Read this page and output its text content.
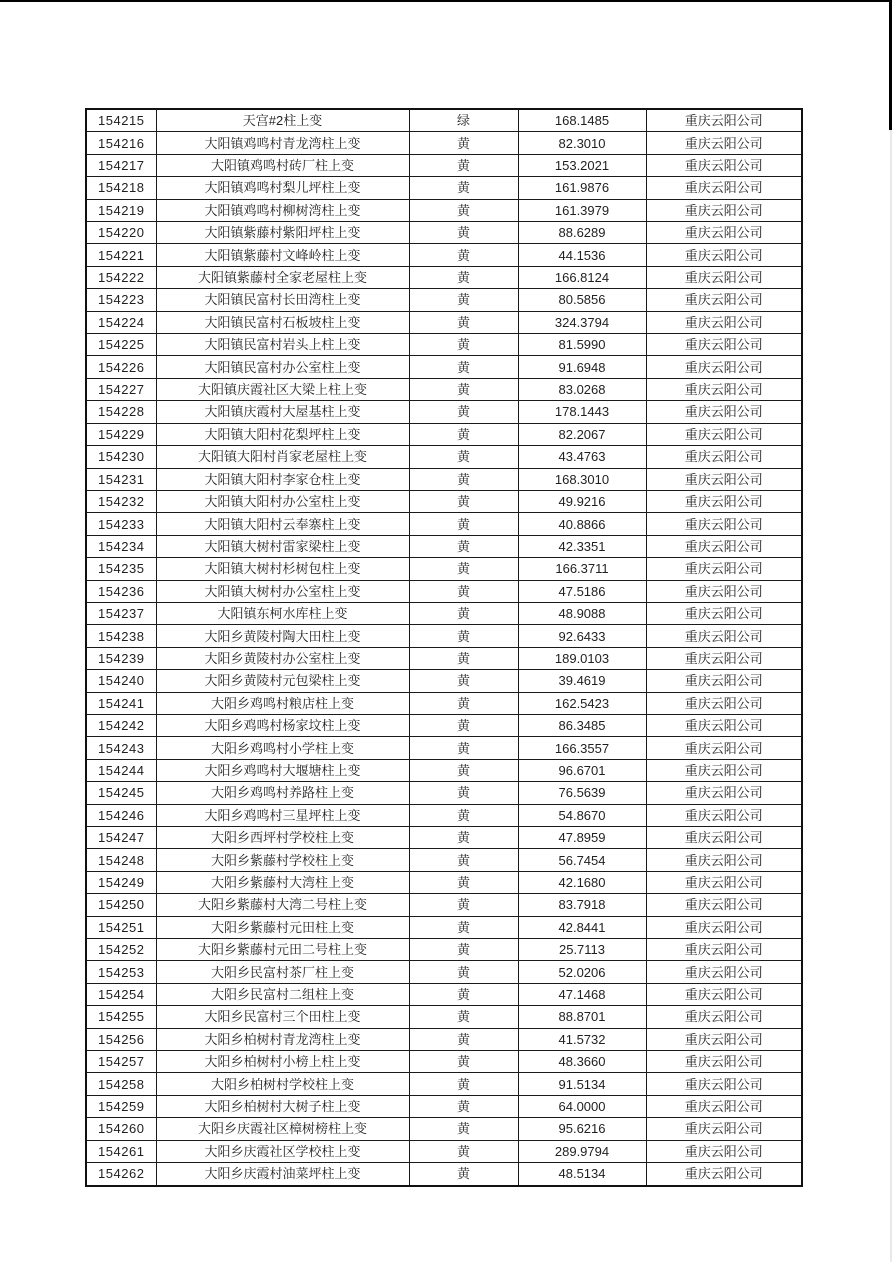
154215	天宫#2柱上变	绿	168.1485	重庆云阳公司
154216	大阳镇鸡鸣村青龙湾柱上变	黄	82.3010	重庆云阳公司
154217	大阳镇鸡鸣村砖厂柱上变	黄	153.2021	重庆云阳公司
154218	大阳镇鸡鸣村梨儿坪柱上变	黄	161.9876	重庆云阳公司
154219	大阳镇鸡鸣村柳树湾柱上变	黄	161.3979	重庆云阳公司
154220	大阳镇紫藤村紫阳坪柱上变	黄	88.6289	重庆云阳公司
154221	大阳镇紫藤村文峰岭柱上变	黄	44.1536	重庆云阳公司
154222	大阳镇紫藤村全家老屋柱上变	黄	166.8124	重庆云阳公司
154223	大阳镇民富村长田湾柱上变	黄	80.5856	重庆云阳公司
154224	大阳镇民富村石板坡柱上变	黄	324.3794	重庆云阳公司
154225	大阳镇民富村岩头上柱上变	黄	81.5990	重庆云阳公司
154226	大阳镇民富村办公室柱上变	黄	91.6948	重庆云阳公司
154227	大阳镇庆霞社区大梁上柱上变	黄	83.0268	重庆云阳公司
154228	大阳镇庆霞村大屋基柱上变	黄	178.1443	重庆云阳公司
154229	大阳镇大阳村花梨坪柱上变	黄	82.2067	重庆云阳公司
154230	大阳镇大阳村肖家老屋柱上变	黄	43.4763	重庆云阳公司
154231	大阳镇大阳村李家仓柱上变	黄	168.3010	重庆云阳公司
154232	大阳镇大阳村办公室柱上变	黄	49.9216	重庆云阳公司
154233	大阳镇大阳村云奉寨柱上变	黄	40.8866	重庆云阳公司
154234	大阳镇大树村雷家梁柱上变	黄	42.3351	重庆云阳公司
154235	大阳镇大树村杉树包柱上变	黄	166.3711	重庆云阳公司
154236	大阳镇大树村办公室柱上变	黄	47.5186	重庆云阳公司
154237	大阳镇东柯水库柱上变	黄	48.9088	重庆云阳公司
154238	大阳乡黄陵村陶大田柱上变	黄	92.6433	重庆云阳公司
154239	大阳乡黄陵村办公室柱上变	黄	189.0103	重庆云阳公司
154240	大阳乡黄陵村元包梁柱上变	黄	39.4619	重庆云阳公司
154241	大阳乡鸡鸣村粮店柱上变	黄	162.5423	重庆云阳公司
154242	大阳乡鸡鸣村杨家坟柱上变	黄	86.3485	重庆云阳公司
154243	大阳乡鸡鸣村小学柱上变	黄	166.3557	重庆云阳公司
154244	大阳乡鸡鸣村大堰塘柱上变	黄	96.6701	重庆云阳公司
154245	大阳乡鸡鸣村养路柱上变	黄	76.5639	重庆云阳公司
154246	大阳乡鸡鸣村三星坪柱上变	黄	54.8670	重庆云阳公司
154247	大阳乡西坪村学校柱上变	黄	47.8959	重庆云阳公司
154248	大阳乡紫藤村学校柱上变	黄	56.7454	重庆云阳公司
154249	大阳乡紫藤村大湾柱上变	黄	42.1680	重庆云阳公司
154250	大阳乡紫藤村大湾二号柱上变	黄	83.7918	重庆云阳公司
154251	大阳乡紫藤村元田柱上变	黄	42.8441	重庆云阳公司
154252	大阳乡紫藤村元田二号柱上变	黄	25.7113	重庆云阳公司
154253	大阳乡民富村茶厂柱上变	黄	52.0206	重庆云阳公司
154254	大阳乡民富村二组柱上变	黄	47.1468	重庆云阳公司
154255	大阳乡民富村三个田柱上变	黄	88.8701	重庆云阳公司
154256	大阳乡柏树村青龙湾柱上变	黄	41.5732	重庆云阳公司
154257	大阳乡柏树村小榜上柱上变	黄	48.3660	重庆云阳公司
154258	大阳乡柏树村学校柱上变	黄	91.5134	重庆云阳公司
154259	大阳乡柏树村大树子柱上变	黄	64.0000	重庆云阳公司
154260	大阳乡庆霞社区樟树榜柱上变	黄	95.6216	重庆云阳公司
154261	大阳乡庆霞社区学校柱上变	黄	289.9794	重庆云阳公司
154262	大阳乡庆霞村油菜坪柱上变	黄	48.5134	重庆云阳公司
